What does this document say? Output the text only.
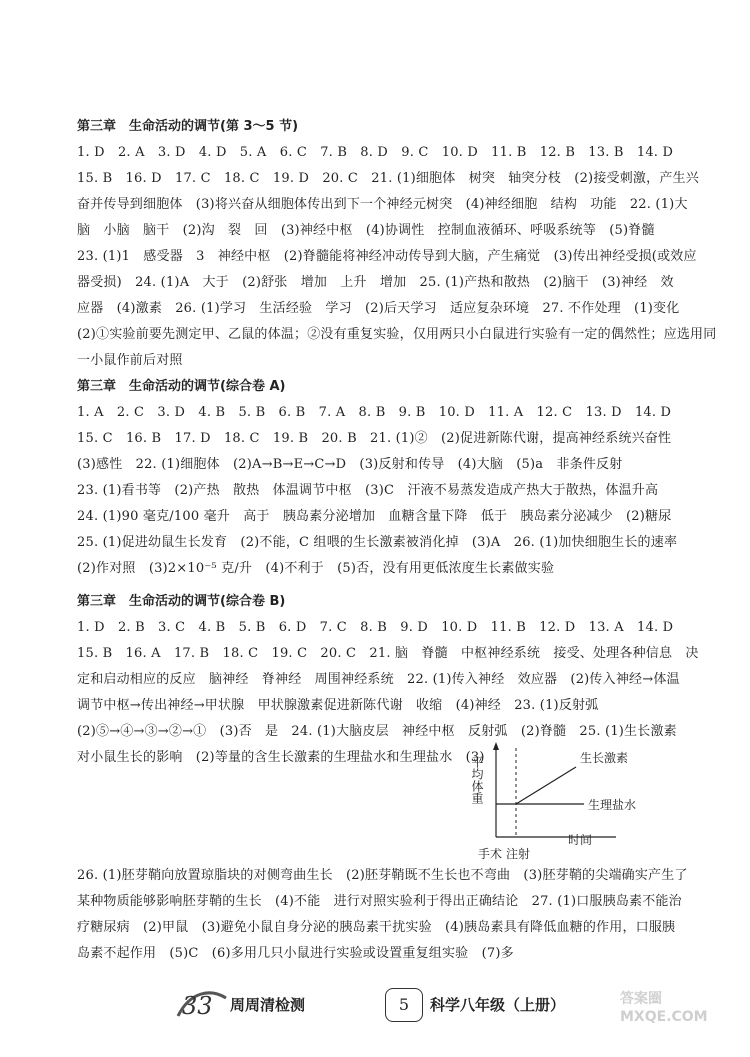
第三章　生命活动的调节(第 3～5 节)
1. D　2. A　3. D　4. D　5. A　6. C　7. B　8. D　9. C　10. D　11. B　12. B　13. B　14. D
15. B　16. D　17. C　18. C　19. D　20. C　21. (1)细胞体　树突　轴突分枝　(2)接受刺激，产生兴
奋并传导到细胞体　(3)将兴奋从细胞体传出到下一个神经元树突　(4)神经细胞　结构　功能　22. (1)大
脑　小脑　脑干　(2)沟　裂　回　(3)神经中枢　(4)协调性　控制血液循环、呼吸系统等　(5)脊髓
23. (1)1　感受器　3　神经中枢　(2)脊髓能将神经冲动传导到大脑，产生痛觉　(3)传出神经受损(或效应
器受损)　24. (1)A　大于　(2)舒张　增加　上升　增加　25. (1)产热和散热　(2)脑干　(3)神经　效
应器　(4)激素　26. (1)学习　生活经验　学习　(2)后天学习　适应复杂环境　27. 不作处理　(1)变化
(2)①实验前要先测定甲、乙鼠的体温；②没有重复实验，仅用两只小白鼠进行实验有一定的偶然性；应选用同
一小鼠作前后对照
第三章　生命活动的调节(综合卷 A)
1. A　2. C　3. D　4. B　5. B　6. B　7. A　8. B　9. B　10. D　11. A　12. C　13. D　14. D
15. C　16. B　17. D　18. C　19. B　20. B　21. (1)②　(2)促进新陈代谢，提高神经系统兴奋性
(3)感性　22. (1)细胞体　(2)A→B→E→C→D　(3)反射和传导　(4)大脑　(5)a　非条件反射
23. (1)看书等　(2)产热　散热　体温调节中枢　(3)C　汗液不易蒸发造成产热大于散热，体温升高
24. (1)90 毫克/100 毫升　高于　胰岛素分泌增加　血糖含量下降　低于　胰岛素分泌减少　(2)糖尿
25. (1)促进幼鼠生长发育　(2)不能，C 组喂的生长激素被消化掉　(3)A　26. (1)加快细胞生长的速率
(2)作对照　(3)2×10⁻⁵ 克/升　(4)不利于　(5)否，没有用更低浓度生长素做实验
第三章　生命活动的调节(综合卷 B)
1. D　2. B　3. C　4. B　5. B　6. D　7. C　8. B　9. D　10. D　11. B　12. D　13. A　14. D
15. B　16. A　17. B　18. C　19. C　20. C　21. 脑　脊髓　中枢神经系统　接受、处理各种信息　决
定和启动相应的反应　脑神经　脊神经　周围神经系统　22. (1)传入神经　效应器　(2)传入神经→体温
调节中枢→传出神经→甲状腺　甲状腺激素促进新陈代谢　收缩　(4)神经　23. (1)反射弧
(2)⑤→④→③→②→①　(3)否　是　24. (1)大脑皮层　神经中枢　反射弧　(2)脊髓　25. (1)生长激素
对小鼠生长的影响　(2)等量的含生长激素的生理盐水和生理盐水　(3)
平均体重	生长激素
生理盐水
时间
手术 注射
26. (1)胚芽鞘向放置琼脂块的对侧弯曲生长　(2)胚芽鞘既不生长也不弯曲　(3)胚芽鞘的尖端确实产生了
某种物质能够影响胚芽鞘的生长　(4)不能　进行对照实验利于得出正确结论　27. (1)口服胰岛素不能治
疗糖尿病　(2)甲鼠　(3)避免小鼠自身分泌的胰岛素干扰实验　(4)胰岛素具有降低血糖的作用，口服胰
岛素不起作用　(5)C　(6)多用几只小鼠进行实验或设置重复组实验　(7)多
33 周周清检测	5	科学八年级（上册）	答案圈 MXQE.COM
